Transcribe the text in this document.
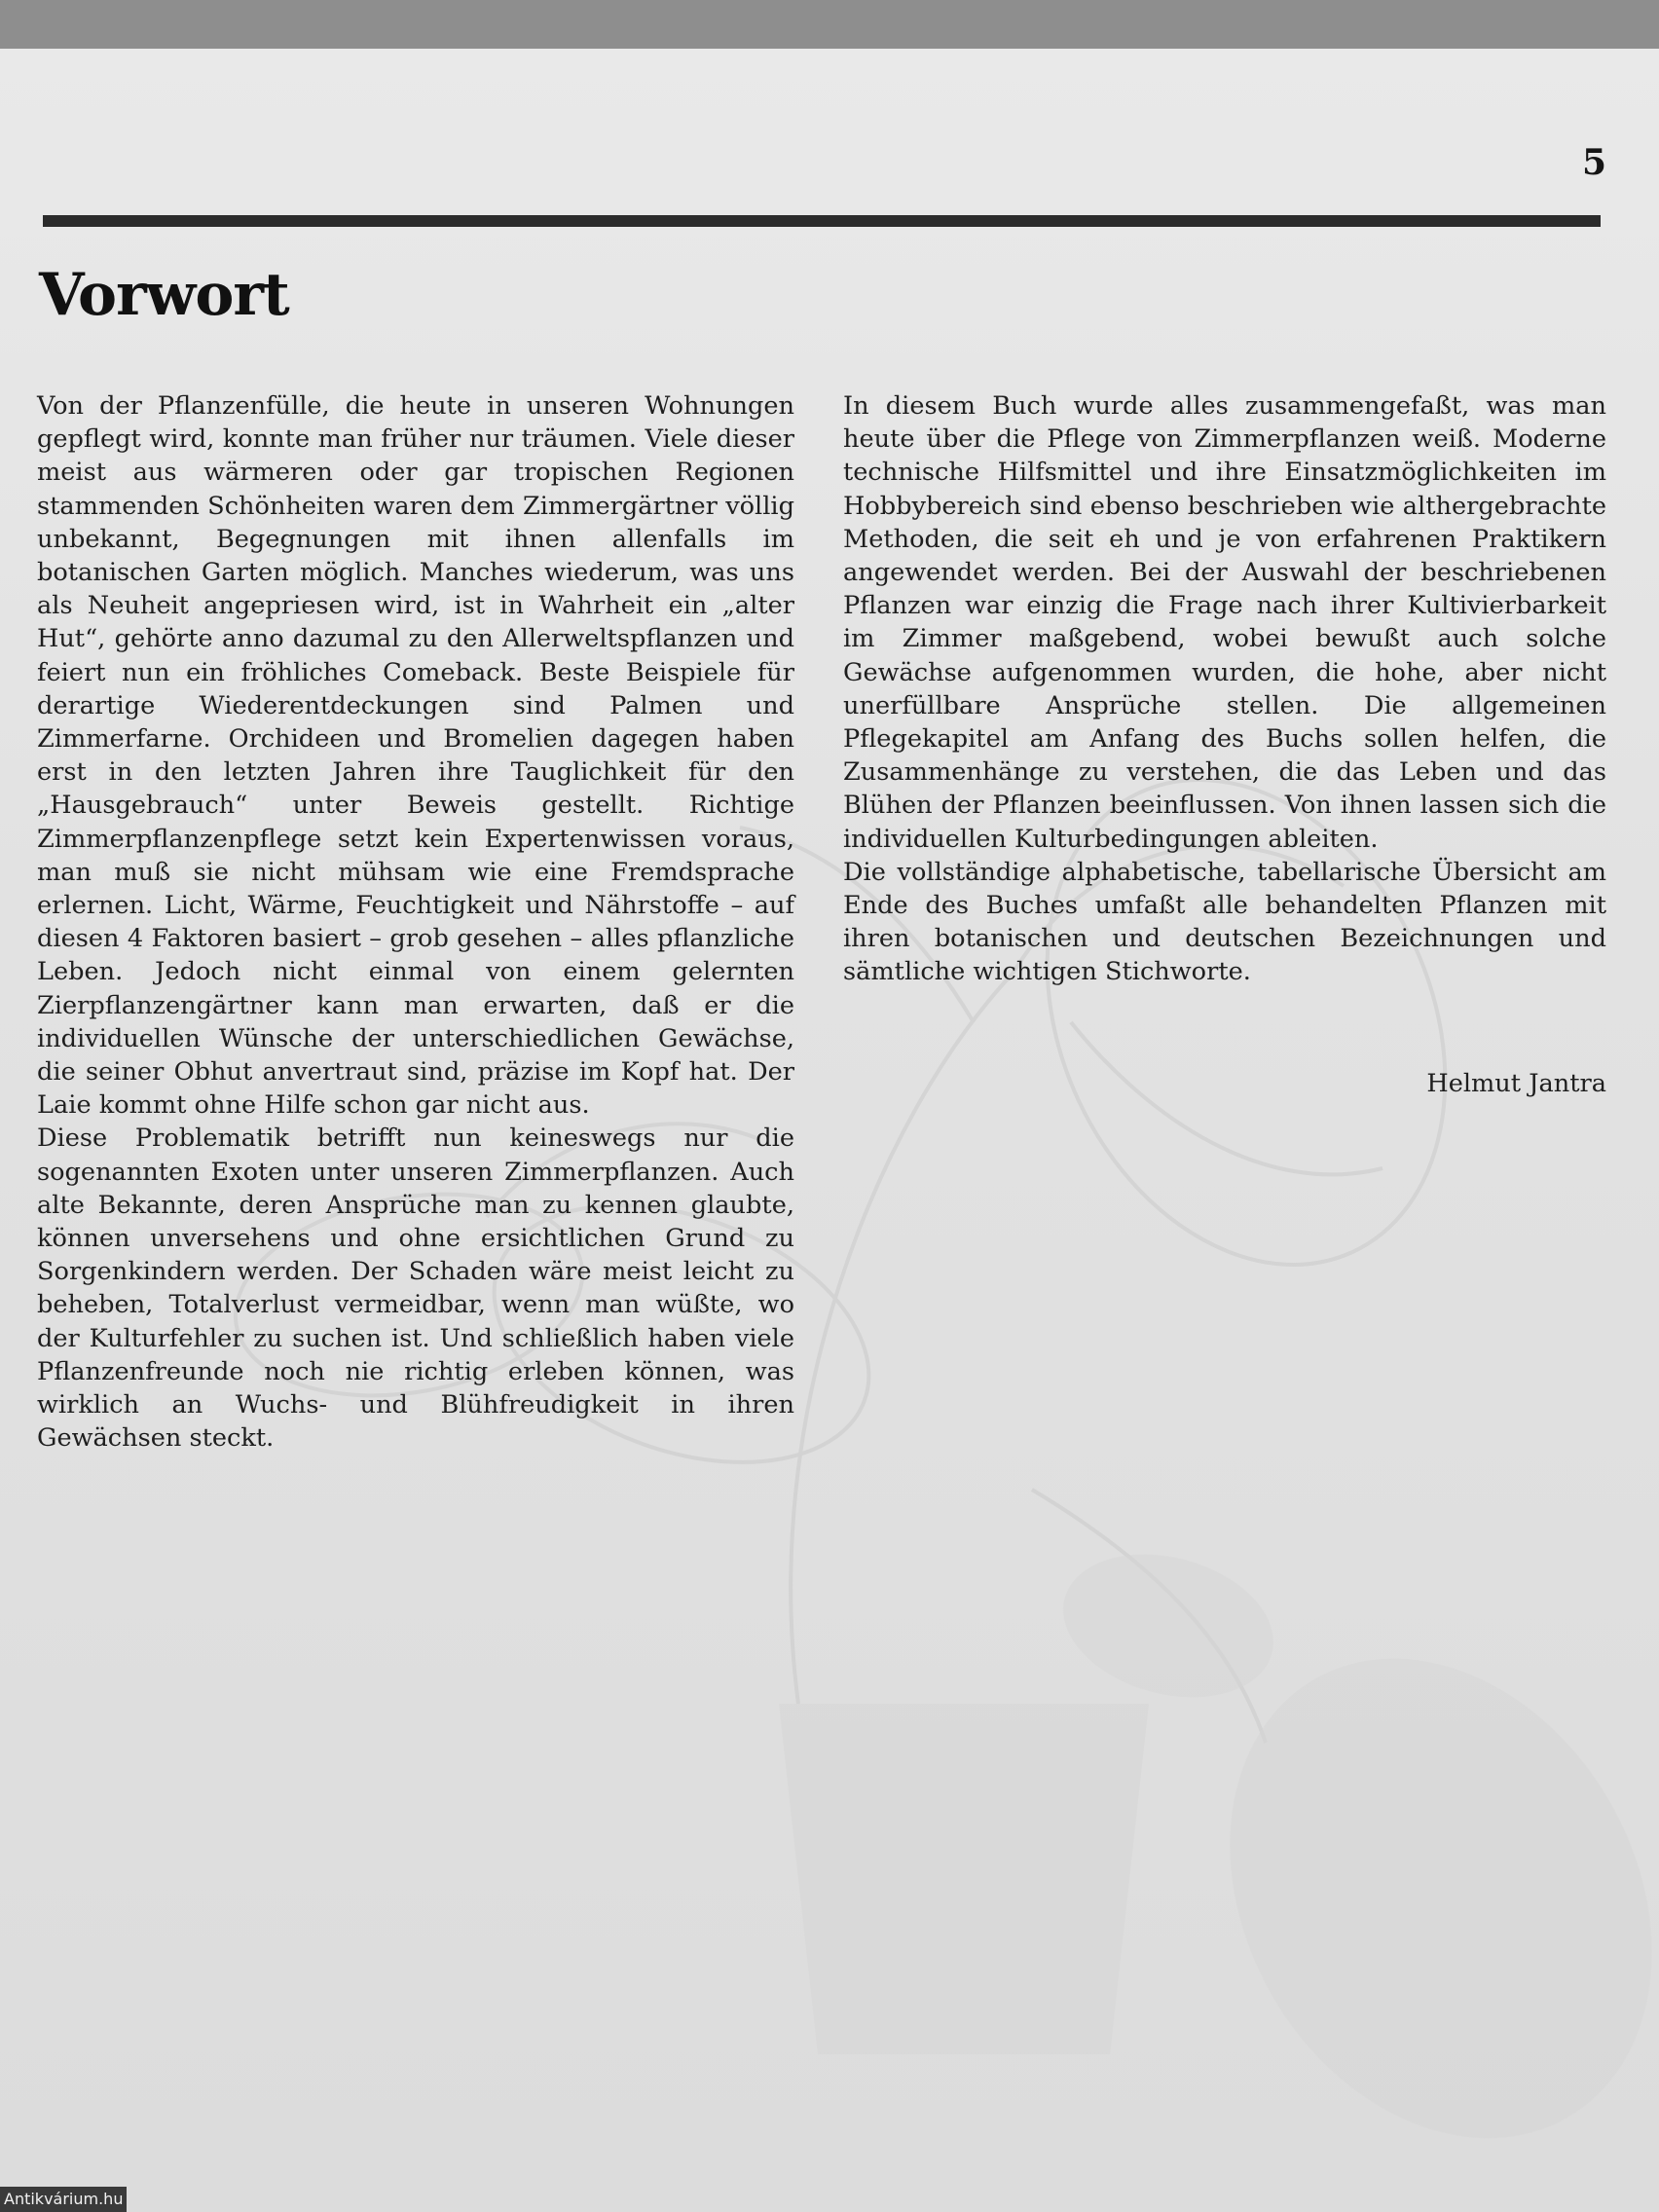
5
Vorwort

Von der Pflanzenfülle, die heute in unseren Wohnungen gepflegt wird, konnte man früher nur träumen. Viele dieser meist aus wärmeren oder gar tropischen Regionen stammenden Schönheiten waren dem Zimmergärtner völlig unbekannt, Begegnungen mit ihnen allenfalls im botanischen Garten möglich. Manches wiederum, was uns als Neuheit angepriesen wird, ist in Wahrheit ein „alter Hut“, gehörte anno dazumal zu den Allerweltspflanzen und feiert nun ein fröhliches Comeback. Beste Beispiele für derartige Wiederentdeckungen sind Palmen und Zimmerfarne. Orchideen und Bromelien dagegen haben erst in den letzten Jahren ihre Tauglichkeit für den „Hausgebrauch“ unter Beweis gestellt. Richtige Zimmerpflanzenpflege setzt kein Expertenwissen voraus, man muß sie nicht mühsam wie eine Fremdsprache erlernen. Licht, Wärme, Feuchtigkeit und Nährstoffe – auf diesen 4 Faktoren basiert – grob gesehen – alles pflanzliche Leben. Jedoch nicht einmal von einem gelernten Zierpflanzengärtner kann man erwarten, daß er die individuellen Wünsche der unterschiedlichen Gewächse, die seiner Obhut anvertraut sind, präzise im Kopf hat. Der Laie kommt ohne Hilfe schon gar nicht aus.

Diese Problematik betrifft nun keineswegs nur die sogenannten Exoten unter unseren Zimmerpflanzen. Auch alte Bekannte, deren Ansprüche man zu kennen glaubte, können unversehens und ohne ersichtlichen Grund zu Sorgenkindern werden. Der Schaden wäre meist leicht zu beheben, Totalverlust vermeidbar, wenn man wüßte, wo der Kulturfehler zu suchen ist. Und schließlich haben viele Pflanzenfreunde noch nie richtig erleben können, was wirklich an Wuchs- und Blühfreudigkeit in ihren Gewächsen steckt.

In diesem Buch wurde alles zusammengefaßt, was man heute über die Pflege von Zimmerpflanzen weiß. Moderne technische Hilfsmittel und ihre Einsatzmöglichkeiten im Hobbybereich sind ebenso beschrieben wie althergebrachte Methoden, die seit eh und je von erfahrenen Praktikern angewendet werden. Bei der Auswahl der beschriebenen Pflanzen war einzig die Frage nach ihrer Kultivierbarkeit im Zimmer maßgebend, wobei bewußt auch solche Gewächse aufgenommen wurden, die hohe, aber nicht unerfüllbare Ansprüche stellen. Die allgemeinen Pflegekapitel am Anfang des Buchs sollen helfen, die Zusammenhänge zu verstehen, die das Leben und das Blühen der Pflanzen beeinflussen. Von ihnen lassen sich die individuellen Kulturbedingungen ableiten.

Die vollständige alphabetische, tabellarische Übersicht am Ende des Buches umfaßt alle behandelten Pflanzen mit ihren botanischen und deutschen Bezeichnungen und sämtliche wichtigen Stichworte.

Helmut Jantra
Antikvárium.hu
